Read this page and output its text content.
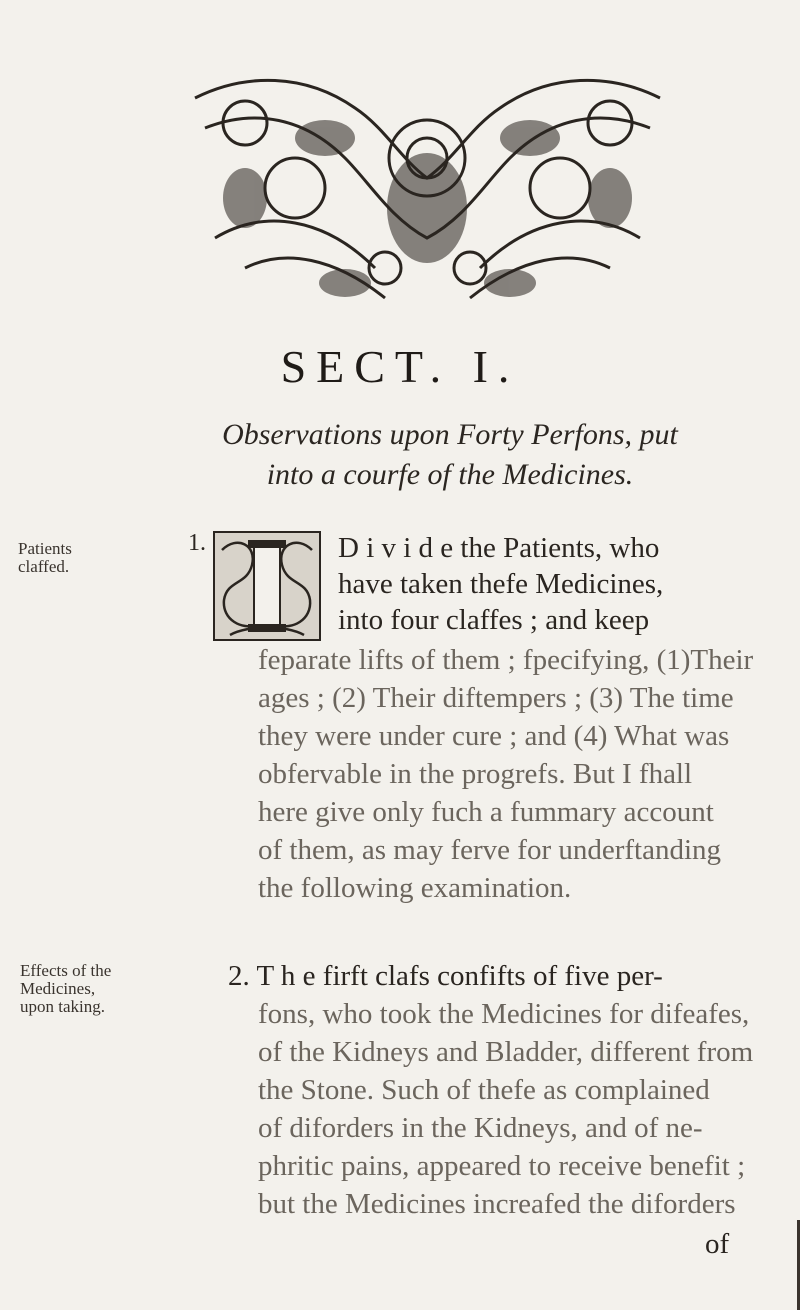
SECT. I.
Observations upon Forty Perfons, put
into a courfe of the Medicines.
Patients
claffed.
Effects of the
Medicines,
upon taking.
1.	D i v i d e the Patients, who
have taken thefe Medicines,
into four claffes ; and keep
feparate lifts of them ; fpecifying, (1)Their
ages ; (2) Their diftempers ; (3) The time
they were under cure ; and (4) What was
obfervable in the progrefs. But I fhall
here give only fuch a fummary account
of them, as may ferve for underftanding
the following examination.
2. T h e firft clafs confifts of five per-
fons, who took the Medicines for difeafes,
of the Kidneys and Bladder, different from
the Stone. Such of thefe as complained
of diforders in the Kidneys, and of ne-
phritic pains, appeared to receive benefit ;
but the Medicines increafed the diforders
of
